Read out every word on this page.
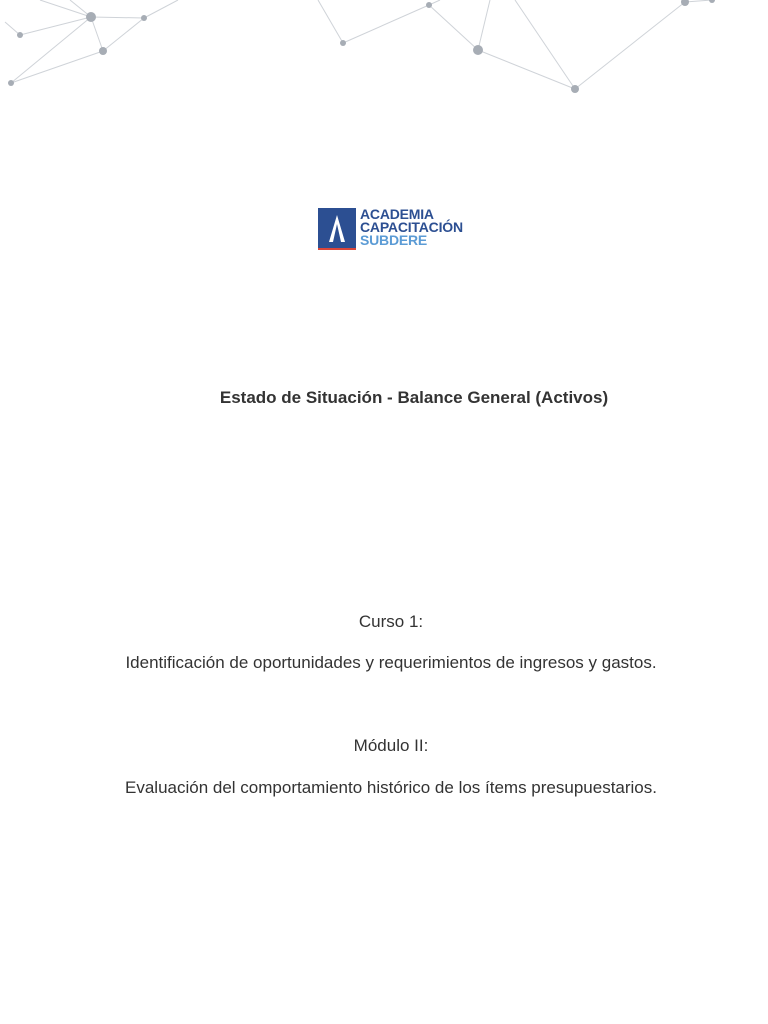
ACADEMIA
CAPACITACIÓN
SUBDERE
Estado de Situación - Balance General (Activos)
Curso 1:
Identificación de oportunidades y requerimientos de ingresos y gastos.
Módulo II:
Evaluación del comportamiento histórico de los ítems presupuestarios.
